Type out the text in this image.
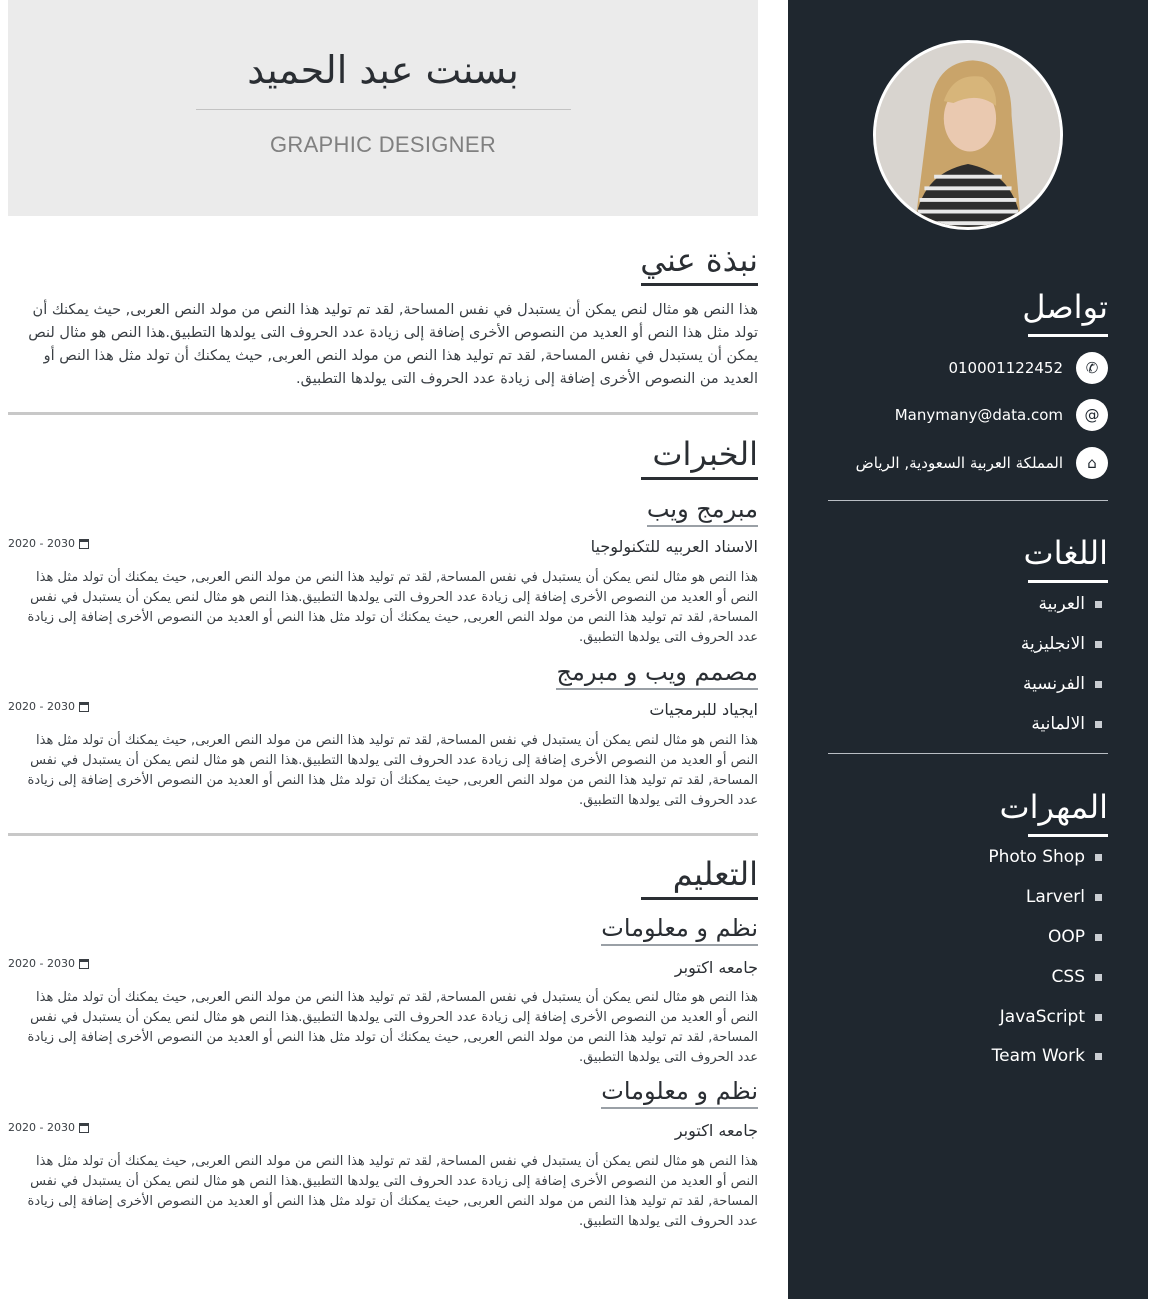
بسنت عبد الحميد
GRAPHIC DESIGNER
نبذة عني
هذا النص هو مثال لنص يمكن أن يستبدل في نفس المساحة, لقد تم توليد هذا النص من مولد النص العربى, حيث يمكنك أن تولد مثل هذا النص أو العديد من النصوص الأخرى إضافة إلى زيادة عدد الحروف التى يولدها التطبيق.هذا النص هو مثال لنص يمكن أن يستبدل في نفس المساحة, لقد تم توليد هذا النص من مولد النص العربى, حيث يمكنك أن تولد مثل هذا النص أو العديد من النصوص الأخرى إضافة إلى زيادة عدد الحروف التى يولدها التطبيق.
الخبرات
مبرمج ويب
الاسناد العربيه للتكنولوجيا
2020 - 2030
هذا النص هو مثال لنص يمكن أن يستبدل في نفس المساحة, لقد تم توليد هذا النص من مولد النص العربى, حيث يمكنك أن تولد مثل هذا النص أو العديد من النصوص الأخرى إضافة إلى زيادة عدد الحروف التى يولدها التطبيق.هذا النص هو مثال لنص يمكن أن يستبدل في نفس المساحة, لقد تم توليد هذا النص من مولد النص العربى, حيث يمكنك أن تولد مثل هذا النص أو العديد من النصوص الأخرى إضافة إلى زيادة عدد الحروف التى يولدها التطبيق.
مصمم ويب و مبرمج
ايجياد للبرمجيات
2020 - 2030
هذا النص هو مثال لنص يمكن أن يستبدل في نفس المساحة, لقد تم توليد هذا النص من مولد النص العربى, حيث يمكنك أن تولد مثل هذا النص أو العديد من النصوص الأخرى إضافة إلى زيادة عدد الحروف التى يولدها التطبيق.هذا النص هو مثال لنص يمكن أن يستبدل في نفس المساحة, لقد تم توليد هذا النص من مولد النص العربى, حيث يمكنك أن تولد مثل هذا النص أو العديد من النصوص الأخرى إضافة إلى زيادة عدد الحروف التى يولدها التطبيق.
التعليم
نظم و معلومات
جامعه اكتوبر
2020 - 2030
هذا النص هو مثال لنص يمكن أن يستبدل في نفس المساحة, لقد تم توليد هذا النص من مولد النص العربى, حيث يمكنك أن تولد مثل هذا النص أو العديد من النصوص الأخرى إضافة إلى زيادة عدد الحروف التى يولدها التطبيق.هذا النص هو مثال لنص يمكن أن يستبدل في نفس المساحة, لقد تم توليد هذا النص من مولد النص العربى, حيث يمكنك أن تولد مثل هذا النص أو العديد من النصوص الأخرى إضافة إلى زيادة عدد الحروف التى يولدها التطبيق.
نظم و معلومات
جامعه اكتوبر
2020 - 2030
هذا النص هو مثال لنص يمكن أن يستبدل في نفس المساحة, لقد تم توليد هذا النص من مولد النص العربى, حيث يمكنك أن تولد مثل هذا النص أو العديد من النصوص الأخرى إضافة إلى زيادة عدد الحروف التى يولدها التطبيق.هذا النص هو مثال لنص يمكن أن يستبدل في نفس المساحة, لقد تم توليد هذا النص من مولد النص العربى, حيث يمكنك أن تولد مثل هذا النص أو العديد من النصوص الأخرى إضافة إلى زيادة عدد الحروف التى يولدها التطبيق.
تواصل
✆
010001122452
@
Manymany@data.com
⌂
المملكة العربية السعودية, الرياض
اللغات
العربية
الانجليزية
الفرنسية
الالمانية
المهرات
Photo Shop
Larverl
OOP
CSS
JavaScript
Team Work
